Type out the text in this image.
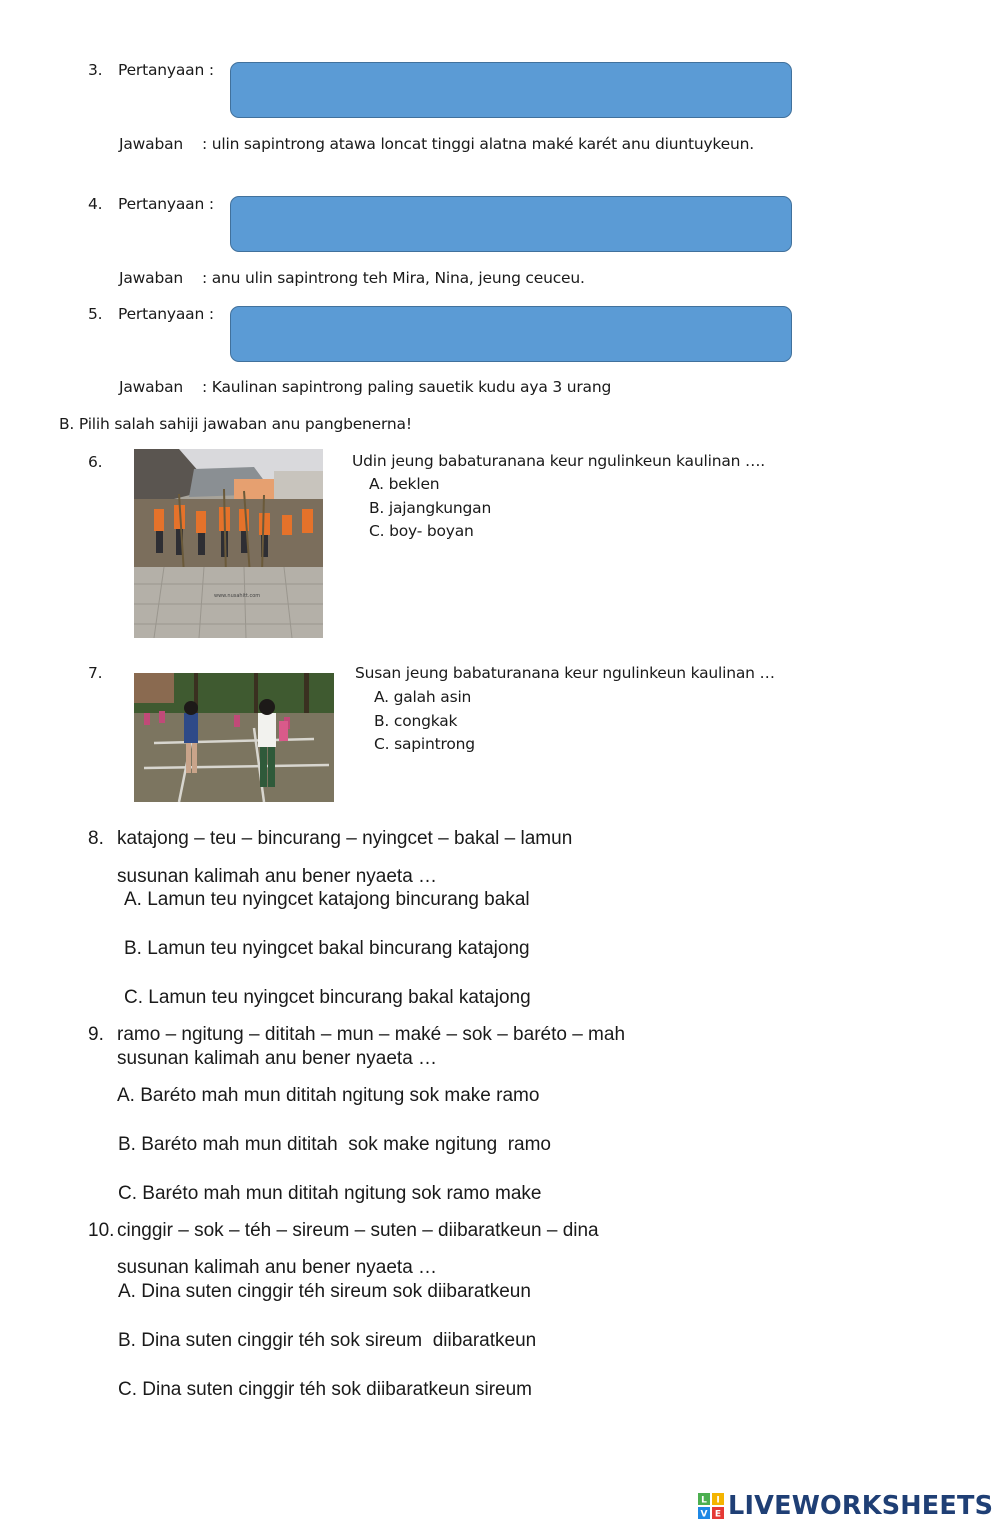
3. Pertanyaan :
Jawaban : ulin sapintrong atawa loncat tinggi alatna maké karét anu diuntuykeun.
4. Pertanyaan :
Jawaban : anu ulin sapintrong teh Mira, Nina, jeung ceuceu.
5. Pertanyaan :
Jawaban : Kaulinan sapintrong paling sauetik kudu aya 3 urang
B. Pilih salah sahiji jawaban anu pangbenerna!
6.
www.nusahitt.com
Udin jeung babaturanana keur ngulinkeun kaulinan ….
A. beklen
B. jajangkungan
C. boy- boyan
7.	Susan jeung babaturanana keur ngulinkeun kaulinan …
A. galah asin
B. congkak
C. sapintrong
8. katajong – teu – bincurang – nyingcet – bakal – lamun
susunan kalimah anu bener nyaeta …
A. Lamun teu nyingcet katajong bincurang bakal
B. Lamun teu nyingcet bakal bincurang katajong
C. Lamun teu nyingcet bincurang bakal katajong
9. ramo – ngitung – dititah – mun – maké – sok – baréto – mah
susunan kalimah anu bener nyaeta …
A. Baréto mah mun dititah ngitung sok make ramo
B. Baréto mah mun dititah  sok make ngitung  ramo
C. Baréto mah mun dititah ngitung sok ramo make
10. cinggir – sok – téh – sireum – suten – diibaratkeun – dina
susunan kalimah anu bener nyaeta …
A. Dina suten cinggir téh sireum sok diibaratkeun
B. Dina suten cinggir téh sok sireum  diibaratkeun
C. Dina suten cinggir téh sok diibaratkeun sireum
L I
V E LIVEWORKSHEETS
